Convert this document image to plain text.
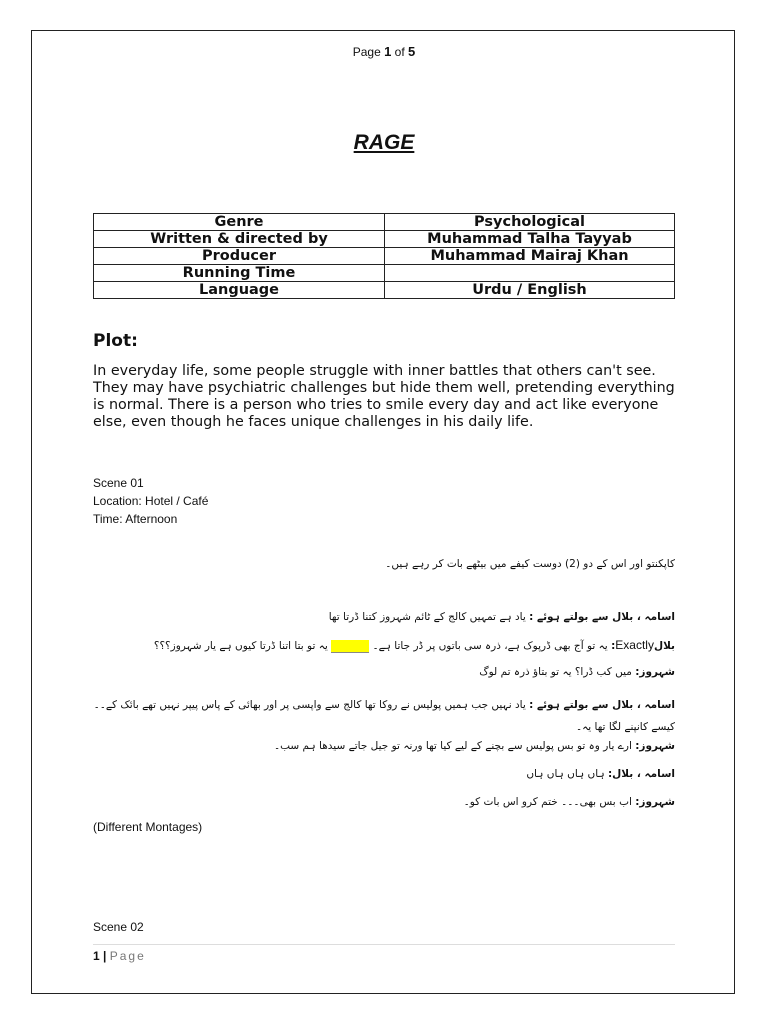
Page 1 of 5
RAGE
Genre	Psychological
Written & directed by	Muhammad Talha Tayyab
Producer	Muhammad Mairaj Khan
Running Time	
Language	Urdu / English
Plot:
In everyday life, some people struggle with inner battles that others can't see. They may have psychiatric challenges but hide them well, pretending everything is normal. There is a person who tries to smile every day and act like everyone else, even though he faces unique challenges in his daily life.
Scene 01
Location: Hotel / Café
Time: Afternoon
کاپکنتو اور اس کے دو (2) دوست کیفے میں بیٹھے بات کر رہے ہیں۔
اسامہ ، بلال سے بولتے ہوئے : یاد ہے تمہیں کالج کے ٹائم شہروز کتنا ڈرتا تھا
بلالExactly: یہ تو آج بھی ڈرپوک ہے، ذرہ سی باتوں پر ڈر جاتا ہے۔  یہ تو بتا اتنا ڈرتا کیوں ہے یار شہروز؟؟؟
شہروز: میں کب ڈرا؟ یہ تو بتاؤ ذرہ تم لوگ
اسامہ ، بلال سے بولتے ہوئے : یاد نہیں جب ہمیں پولیس نے روکا تھا کالج سے واپسی پر اور بھائی کے پاس پیپر نہیں تھے بائک کے۔۔ کیسے کانپنے لگا تھا یہ۔
شہروز: ارے یار وہ تو بس پولیس سے بچنے کے لیے کیا تھا ورنہ تو جیل جاتے سیدھا ہم سب۔
اسامہ ، بلال: ہاں ہاں ہاں ہاں
شہروز: اب بس بھی۔۔۔ ختم کرو اس بات کو۔
(Different Montages)
Scene 02
1 | Page
